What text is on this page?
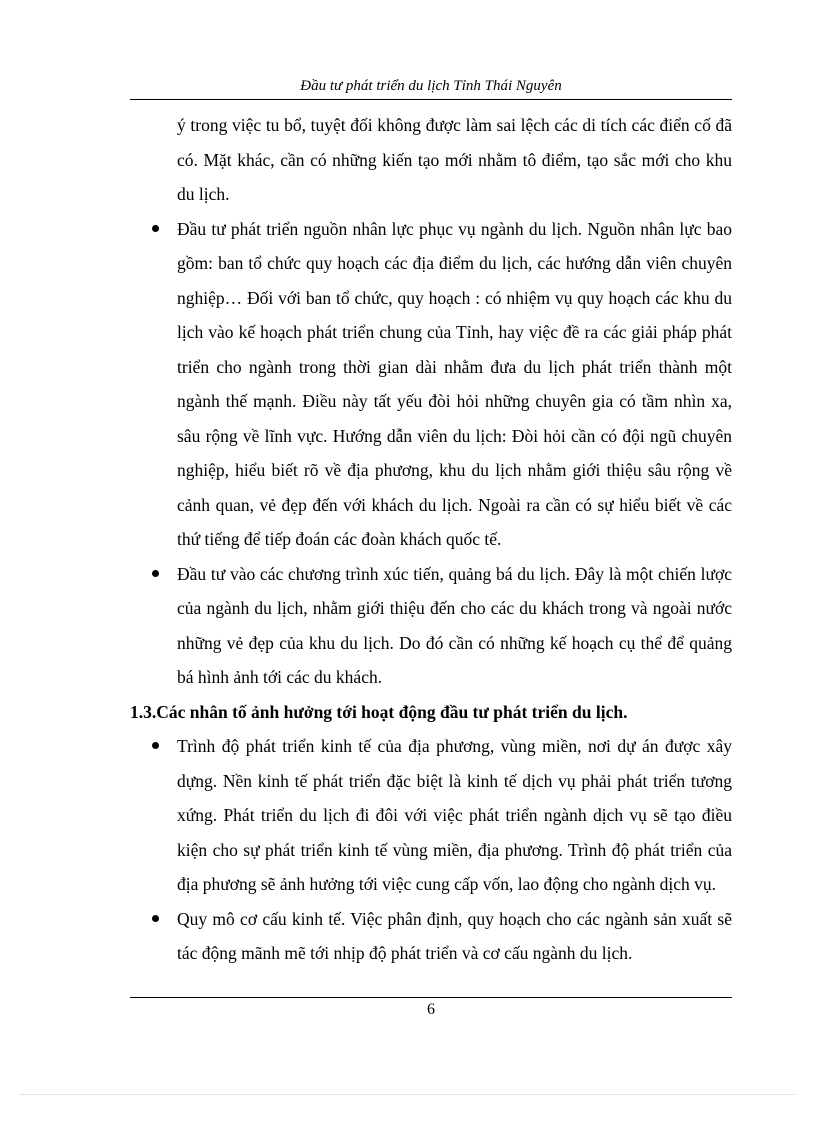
Đầu tư phát triển du lịch Tỉnh Thái Nguyên

ý trong việc tu bổ, tuyệt đối không được làm sai lệch các di tích các điển cố đã có. Mặt khác, cần có những kiến tạo mới nhằm tô điểm, tạo sắc mới cho khu du lịch.

Đầu tư phát triển nguồn nhân lực phục vụ ngành du lịch. Nguồn nhân lực bao gồm: ban tổ chức quy hoạch các địa điểm du lịch, các hướng dẫn viên chuyên nghiệp… Đối với ban tổ chức, quy hoạch : có nhiệm vụ quy hoạch các khu du lịch vào kế hoạch phát triển chung của Tỉnh, hay việc đề ra các giải pháp phát triển cho ngành trong thời gian dài nhằm đưa du lịch phát triển thành một ngành thế mạnh. Điều này tất yếu đòi hỏi những chuyên gia có tầm nhìn xa, sâu rộng về lĩnh vực. Hướng dẫn viên du lịch: Đòi hỏi cần có đội ngũ chuyên nghiệp, hiểu biết rõ về địa phương, khu du lịch nhằm giới thiệu sâu rộng về cảnh quan, vẻ đẹp đến với khách du lịch. Ngoài ra cần có sự hiểu biết về các thứ tiếng để tiếp đoán các đoàn khách quốc tế.

Đầu tư vào các chương trình xúc tiến, quảng bá du lịch. Đây là một chiến lược của ngành du lịch, nhằm giới thiệu đến cho các du khách trong và ngoài nước những vẻ đẹp của khu du lịch. Do đó cần có những kế hoạch cụ thể để quảng bá hình ảnh tới các du khách.

1.3.Các nhân tố ảnh hưởng tới hoạt động đầu tư phát triển du lịch.

Trình độ phát triển kinh tế của địa phương, vùng miền, nơi dự án được xây dựng. Nền kinh tế phát triển đặc biệt là kinh tế dịch vụ phải phát triển tương xứng. Phát triển du lịch đi đôi với việc phát triển ngành dịch vụ sẽ tạo điều kiện cho sự phát triển kinh tế vùng miền, địa phương. Trình độ phát triển của địa phương sẽ ảnh hưởng tới việc cung cấp vốn, lao động cho ngành dịch vụ.

Quy mô cơ cấu kinh tế. Việc phân định, quy hoạch cho các ngành sản xuất sẽ tác động mãnh mẽ tới nhịp độ phát triển và cơ cấu ngành du lịch.

6
